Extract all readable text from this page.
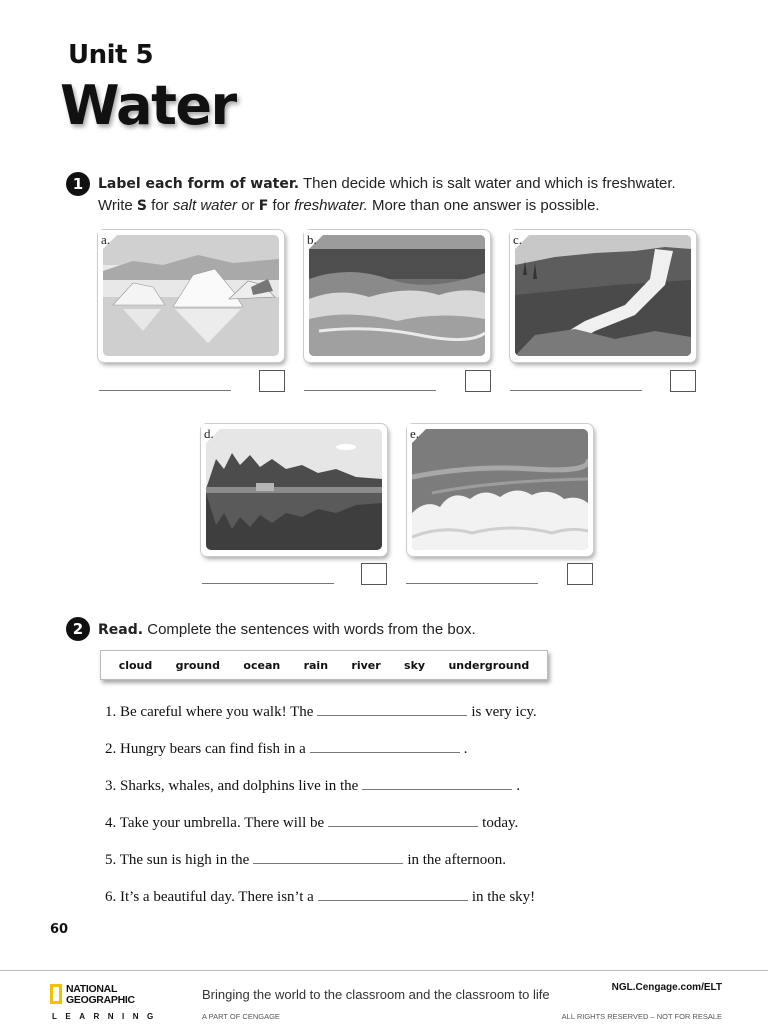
Unit 5
Water
1	Label each form of water. Then decide which is salt water and which is freshwater.
Write S for salt water or F for freshwater. More than one answer is possible.
a.	b.	c.
d.	e.
2	Read. Complete the sentences with words from the box.
cloud ground ocean rain river sky underground
1. Be careful where you walk! The	is very icy.
2. Hungry bears can find fish in a	.
3. Sharks, whales, and dolphins live in the	.
4. Take your umbrella. There will be	today.
5. The sun is high in the	in the afternoon.
6. It’s a beautiful day. There isn’t a	in the sky!
60
NATIONAL
GEOGRAPHIC
LEARNING
Bringing the world to the classroom and the classroom to life
A PART OF CENGAGE
NGL.Cengage.com/ELT
ALL RIGHTS RESERVED – NOT FOR RESALE
